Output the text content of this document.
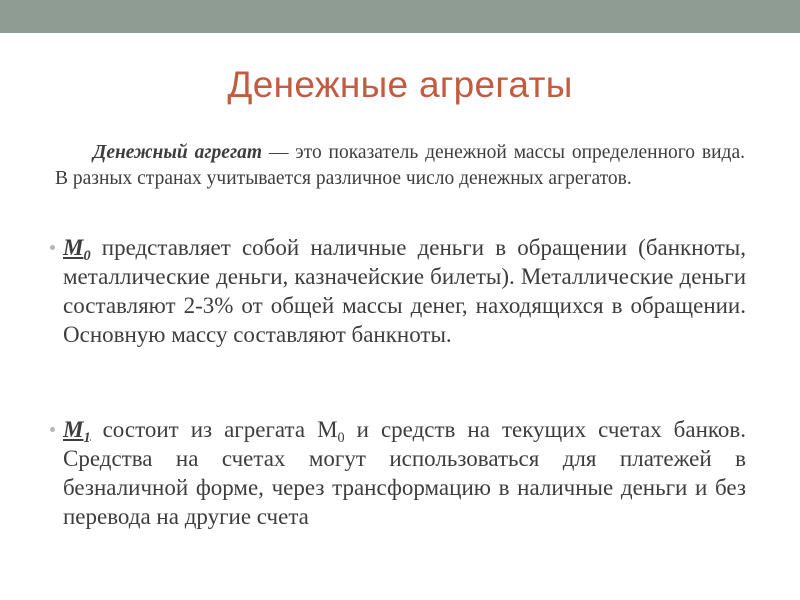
Денежные агрегаты
Денежный агрегат — это показатель денежной массы определенного вида. В разных странах учитывается различное число денежных агрегатов.
$M_0$ представляет собой наличные деньги в обращении (банкноты, металлические деньги, казначейские билеты). Металлические деньги составляют 2-3% от общей массы денег, находящихся в обращении. Основную массу составляют банкноты.
$M_1$ состоит из агрегата $М_0$ и средств на текущих счетах банков. Средства на счетах могут использоваться для платежей в безналичной форме, через трансформацию в наличные деньги и без перевода на другие счета
